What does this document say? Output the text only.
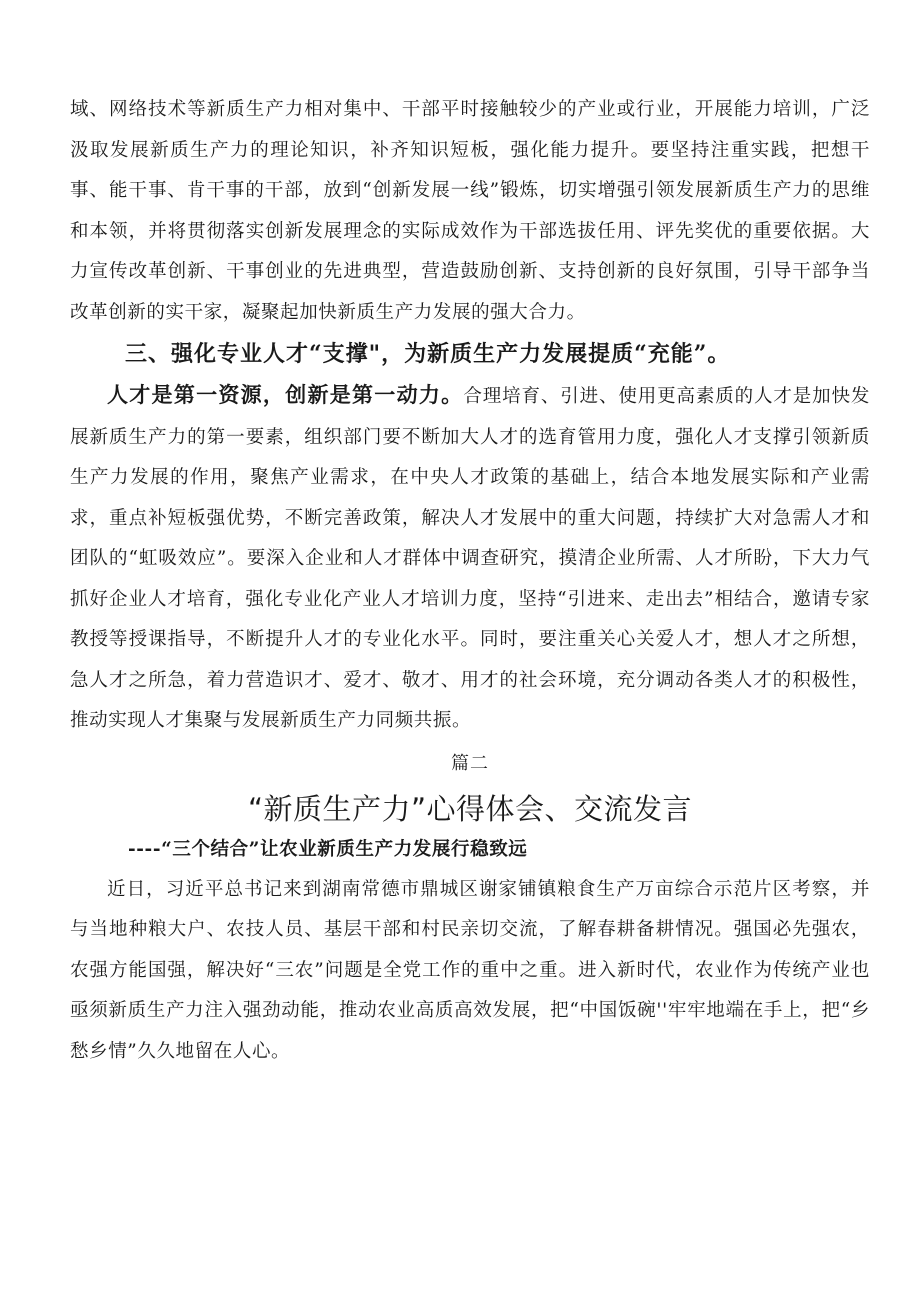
域、网络技术等新质生产力相对集中、干部平时接触较少的产业或行业，开展能力培训，广泛汲取发展新质生产力的理论知识，补齐知识短板，强化能力提升。要坚持注重实践，把想干事、能干事、肯干事的干部，放到“创新发展一线”锻炼，切实增强引领发展新质生产力的思维和本领，并将贯彻落实创新发展理念的实际成效作为干部选拔任用、评先奖优的重要依据。大力宣传改革创新、干事创业的先进典型，营造鼓励创新、支持创新的良好氛围，引导干部争当改革创新的实干家，凝聚起加快新质生产力发展的强大合力。

三、强化专业人才“支撑"，为新质生产力发展提质“充能”。

人才是第一资源，创新是第一动力。合理培育、引进、使用更高素质的人才是加快发展新质生产力的第一要素，组织部门要不断加大人才的选育管用力度，强化人才支撑引领新质生产力发展的作用，聚焦产业需求，在中央人才政策的基础上，结合本地发展实际和产业需求，重点补短板强优势，不断完善政策，解决人才发展中的重大问题，持续扩大对急需人才和团队的“虹吸效应”。要深入企业和人才群体中调查研究，摸清企业所需、人才所盼，下大力气抓好企业人才培育，强化专业化产业人才培训力度，坚持“引进来、走出去”相结合，邀请专家教授等授课指导，不断提升人才的专业化水平。同时，要注重关心关爱人才，想人才之所想，急人才之所急，着力营造识才、爱才、敬才、用才的社会环境，充分调动各类人才的积极性，推动实现人才集聚与发展新质生产力同频共振。

篇二

“新质生产力”心得体会、交流发言

----“三个结合”让农业新质生产力发展行稳致远

近日，习近平总书记来到湖南常德市鼎城区谢家铺镇粮食生产万亩综合示范片区考察，并与当地种粮大户、农技人员、基层干部和村民亲切交流，了解春耕备耕情况。强国必先强农，农强方能国强，解决好“三农”问题是全党工作的重中之重。进入新时代，农业作为传统产业也亟须新质生产力注入强劲动能，推动农业高质高效发展，把“中国饭碗''牢牢地端在手上，把“乡愁乡情”久久地留在人心。
